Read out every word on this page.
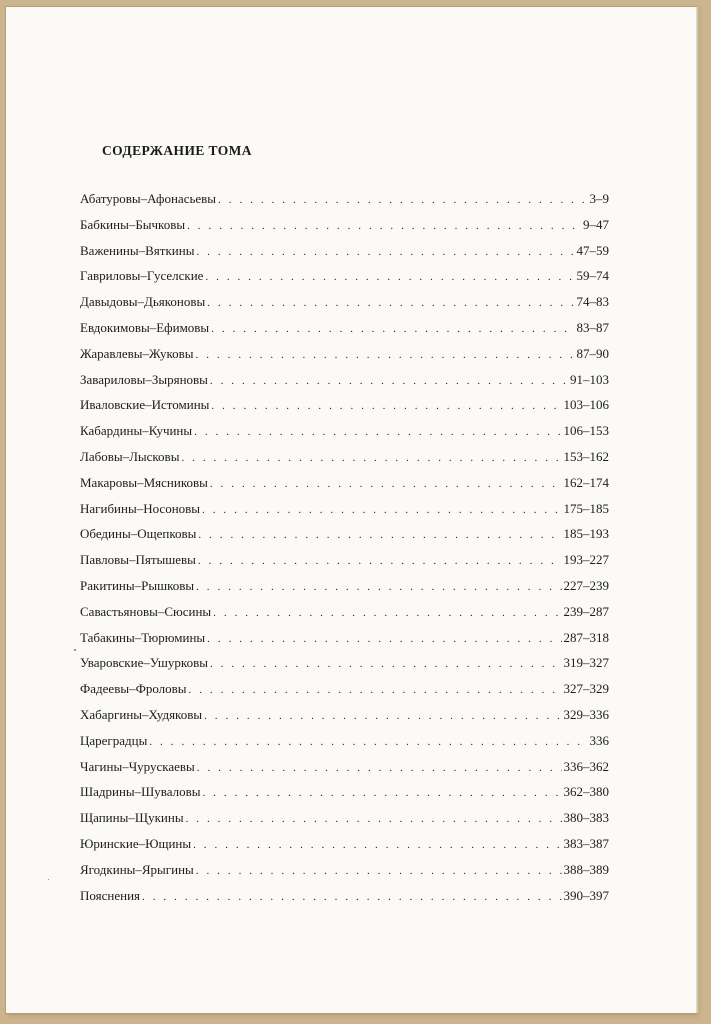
СОДЕРЖАНИЕ ТОМА
Абатуровы–Афонасьевы . . .	3–9
Бабкины–Бычковы . . .	9–47
Важенины–Вяткины . . .	47–59
Гавриловы–Гуселские . . .	59–74
Давыдовы–Дьяконовы . . .	74–83
Евдокимовы–Ефимовы . . .	83–87
Жаравлевы–Жуковы . . .	87–90
Завариловы–Зыряновы . . .	91–103
Иваловские–Истомины . . .	103–106
Кабардины–Кучины . . .	106–153
Лабовы–Лысковы . . .	153–162
Макаровы–Мясниковы . . .	162–174
Нагибины–Носоновы . . .	175–185
Обедины–Ощепковы . . .	185–193
Павловы–Пятышевы . . .	193–227
Ракитины–Рышковы . . .	227–239
Савастьяновы–Сюсины . . .	239–287
Табакины–Тюрюмины . . .	287–318
Уваровские–Ушурковы . . .	319–327
Фадеевы–Фроловы . . .	327–329
Хабаргины–Худяковы . . .	329–336
Цареградцы . . .	336
Чагины–Чурускаевы . . .	336–362
Шадрины–Шуваловы . . .	362–380
Щапины–Щукины . . .	380–383
Юринские–Ющины . . .	383–387
Ягодкины–Ярыгины . . .	388–389
Пояснения . . .	390–397
